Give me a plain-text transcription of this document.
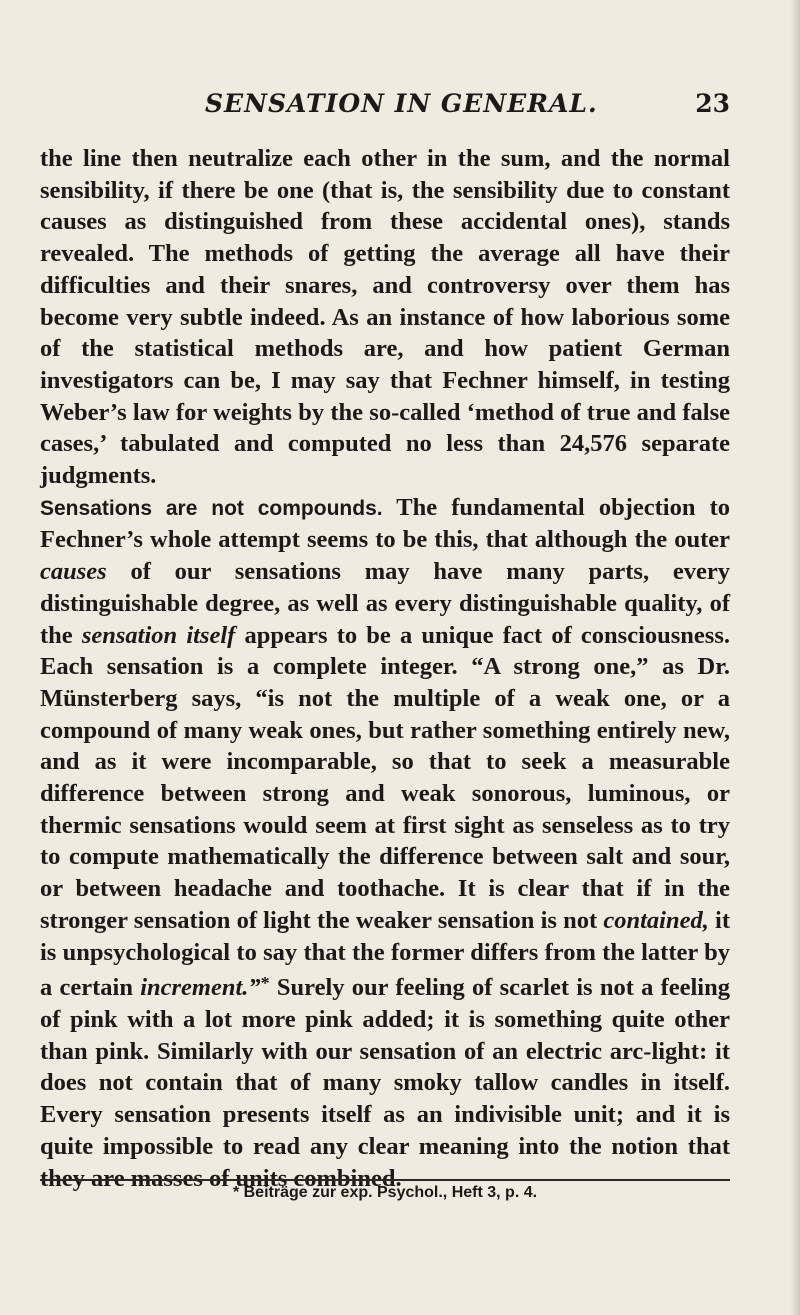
SENSATION IN GENERAL.	23

the line then neutralize each other in the sum, and the normal sensibility, if there be one (that is, the sensibility due to constant causes as distinguished from these accidental ones), stands revealed. The methods of getting the average all have their difficulties and their snares, and controversy over them has become very subtle indeed. As an instance of how laborious some of the statistical methods are, and how patient German investigators can be, I may say that Fechner himself, in testing Weber’s law for weights by the so-called ‘method of true and false cases,’ tabulated and computed no less than 24,576 separate judgments.

Sensations are not compounds. The fundamental objection to Fechner’s whole attempt seems to be this, that although the outer causes of our sensations may have many parts, every distinguishable degree, as well as every distinguishable quality, of the sensation itself appears to be a unique fact of consciousness. Each sensation is a complete integer. “A strong one,” as Dr. Münsterberg says, “is not the multiple of a weak one, or a compound of many weak ones, but rather something entirely new, and as it were incomparable, so that to seek a measurable difference between strong and weak sonorous, luminous, or thermic sensations would seem at first sight as senseless as to try to compute mathematically the difference between salt and sour, or between headache and toothache. It is clear that if in the stronger sensation of light the weaker sensation is not contained, it is unpsychological to say that the former differs from the latter by a certain increment.”* Surely our feeling of scarlet is not a feeling of pink with a lot more pink added; it is something quite other than pink. Similarly with our sensation of an electric arc-light: it does not contain that of many smoky tallow candles in itself. Every sensation presents itself as an indivisible unit; and it is quite impossible to read any clear meaning into the notion that they are masses of units combined.

* Beiträge zur exp. Psychol., Heft 3, p. 4.
